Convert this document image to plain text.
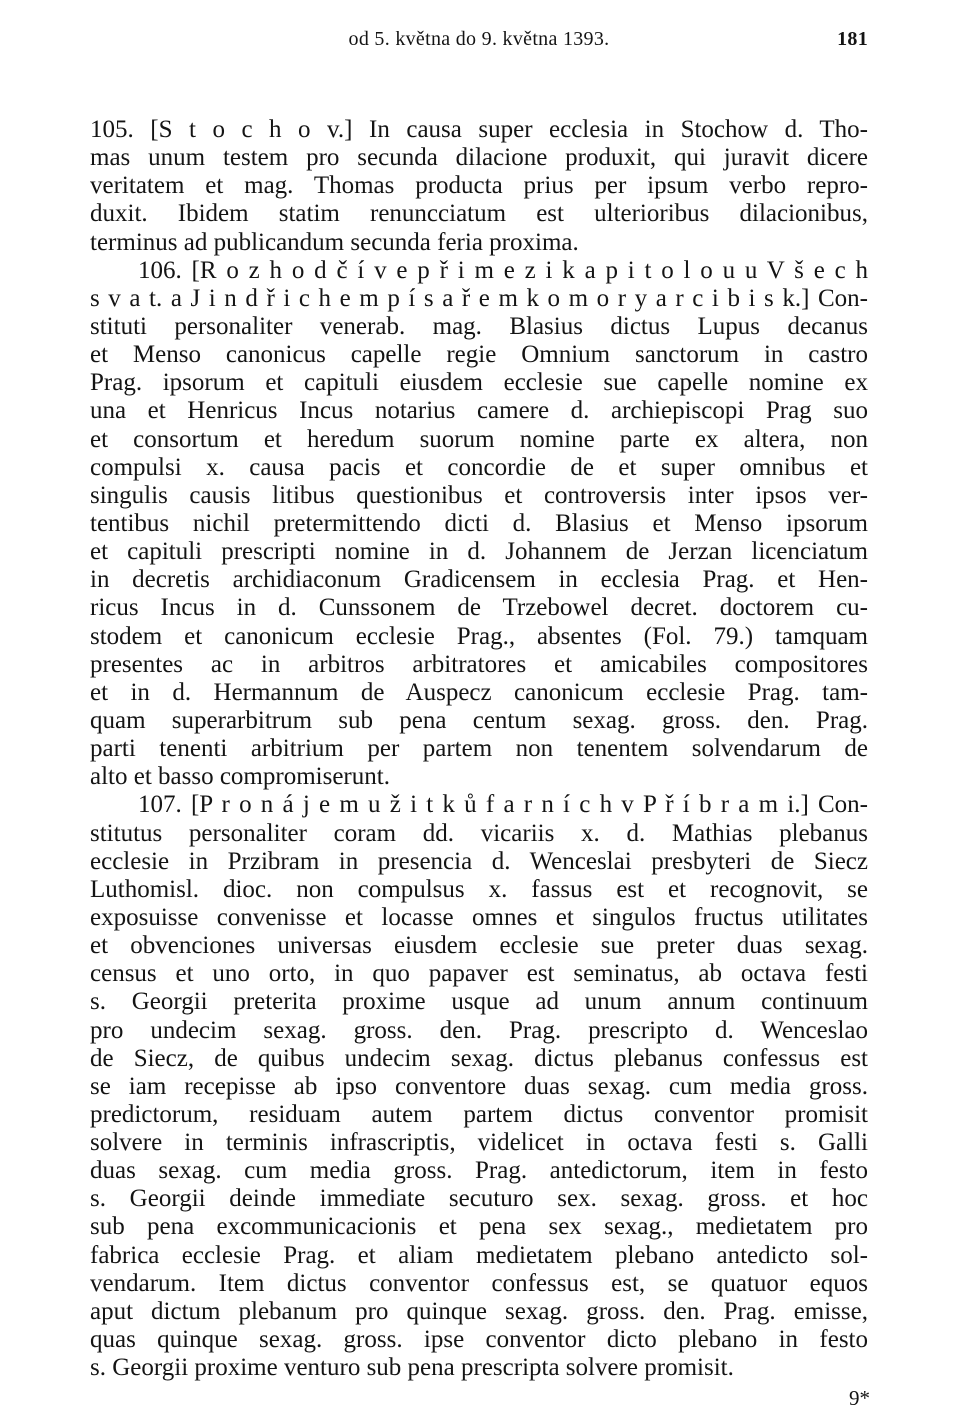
od 5. května do 9. května 1393.	181
105. [S t o c h o v.] In causa super ecclesia in Stochow d. Tho-
mas unum testem pro secunda dilacione produxit, qui juravit dicere
veritatem et mag. Thomas producta prius per ipsum verbo repro-
duxit. Ibidem statim renuncciatum est ulterioribus dilacionibus,
terminus ad publicandum secunda feria proxima.
106. [R o z h o d č í v e p ř i m e z i k a p i t o l o u u V š e c h
s v a t. a J i n d ř i c h e m p í s a ř e m k o m o r y a r c i b i s k.] Con-
stituti personaliter venerab. mag. Blasius dictus Lupus decanus
et Menso canonicus capelle regie Omnium sanctorum in castro
Prag. ipsorum et capituli eiusdem ecclesie sue capelle nomine ex
una et Henricus Incus notarius camere d. archiepiscopi Prag suo
et consortum et heredum suorum nomine parte ex altera, non
compulsi x. causa pacis et concordie de et super omnibus et
singulis causis litibus questionibus et controversis inter ipsos ver-
tentibus nichil pretermittendo dicti d. Blasius et Menso ipsorum
et capituli prescripti nomine in d. Johannem de Jerzan licenciatum
in decretis archidiaconum Gradicensem in ecclesia Prag. et Hen-
ricus Incus in d. Cunssonem de Trzebowel decret. doctorem cu-
stodem et canonicum ecclesie Prag., absentes (Fol. 79.) tamquam
presentes ac in arbitros arbitratores et amicabiles compositores
et in d. Hermannum de Auspecz canonicum ecclesie Prag. tam-
quam superarbitrum sub pena centum sexag. gross. den. Prag.
parti tenenti arbitrium per partem non tenentem solvendarum de
alto et basso compromiserunt.
107. [P r o n á j e m u ž i t k ů f a r n í c h v P ř í b r a m i.] Con-
stitutus personaliter coram dd. vicariis x. d. Mathias plebanus
ecclesie in Przibram in presencia d. Wenceslai presbyteri de Siecz
Luthomisl. dioc. non compulsus x. fassus est et recognovit, se
exposuisse convenisse et locasse omnes et singulos fructus utilitates
et obvenciones universas eiusdem ecclesie sue preter duas sexag.
census et uno orto, in quo papaver est seminatus, ab octava festi
s. Georgii preterita proxime usque ad unum annum continuum
pro undecim sexag. gross. den. Prag. prescripto d. Wenceslao
de Siecz, de quibus undecim sexag. dictus plebanus confessus est
se iam recepisse ab ipso conventore duas sexag. cum media gross.
predictorum, residuam autem partem dictus conventor promisit
solvere in terminis infrascriptis, videlicet in octava festi s. Galli
duas sexag. cum media gross. Prag. antedictorum, item in festo
s. Georgii deinde immediate secuturo sex. sexag. gross. et hoc
sub pena excommunicacionis et pena sex sexag., medietatem pro
fabrica ecclesie Prag. et aliam medietatem plebano antedicto sol-
vendarum. Item dictus conventor confessus est, se quatuor equos
aput dictum plebanum pro quinque sexag. gross. den. Prag. emisse,
quas quinque sexag. gross. ipse conventor dicto plebano in festo
s. Georgii proxime venturo sub pena prescripta solvere promisit.
9*
